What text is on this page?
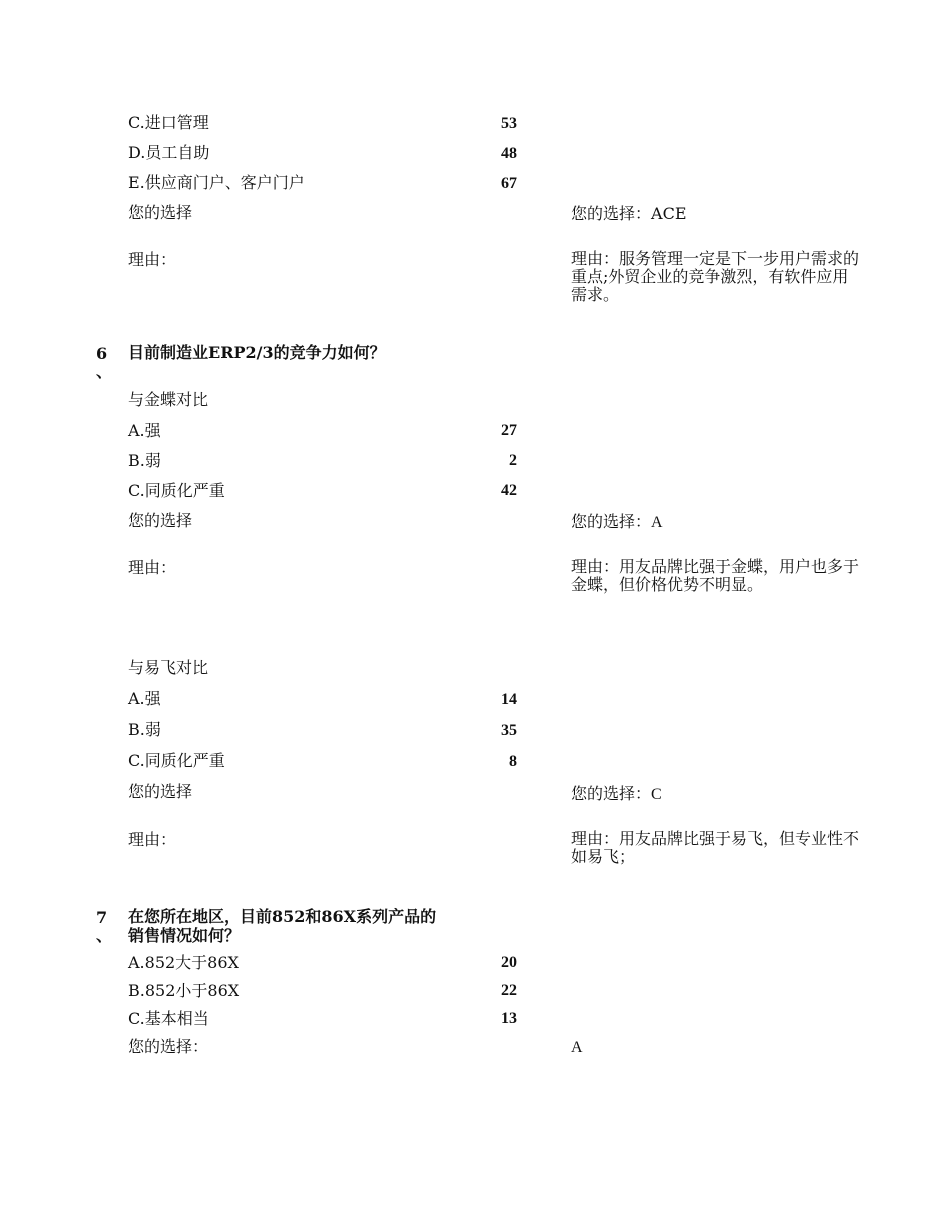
C.进口管理	53
D.员工自助	48
E.供应商门户、客户门户	67
您的选择	您的选择：ACE
理由：	理由：服务管理一定是下一步用户需求的重点;外贸企业的竞争激烈，有软件应用需求。
6
、
目前制造业ERP2/3的竞争力如何？
与金蝶对比
A.强	27
B.弱	2
C.同质化严重	42
您的选择	您的选择：A
理由：	理由：用友品牌比强于金蝶，用户也多于金蝶，但价格优势不明显。
与易飞对比
A.强	14
B.弱	35
C.同质化严重	8
您的选择	您的选择：C
理由：	理由：用友品牌比强于易飞，但专业性不如易飞；
7
、
在您所在地区，目前852和86X系列产品的
销售情况如何？
A.852大于86X	20
B.852小于86X	22
C.基本相当	13
您的选择：	A
